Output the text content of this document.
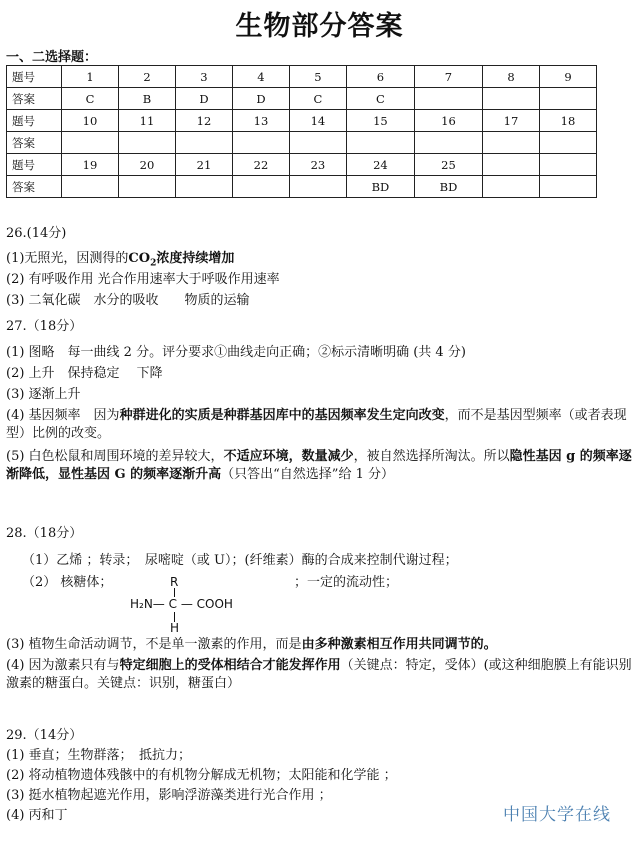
生物部分答案
一、二选择题：
题号	1	2	3	4	5	6	7	8	9
答案	C	B	D	D	C	C			
题号	10	11	12	13	14	15	16	17	18
答案									
题号	19	20	21	22	23	24	25		
答案						BD	BD		
26.(14分)
(1)无照光，因测得的$CO_2$浓度持续增加
(2) 有呼吸作用 光合作用速率大于呼吸作用速率
(3) 二氧化碳　水分的吸收　　物质的运输
27.（18分）
(1) 图略　每一曲线 2 分。评分要求①曲线走向正确；②标示清晰明确 (共 4 分)
(2) 上升　保持稳定　 下降
(3) 逐渐上升
(4) 基因频率　因为种群进化的实质是种群基因库中的基因频率发生定向改变，而不是基因型频率（或者表现型）比例的改变。
(5) 白色松鼠和周围环境的差异较大，不适应环境，数量减少，被自然选择所淘汰。所以隐性基因 g 的频率逐渐降低，显性基因 G 的频率逐渐升高（只答出“自然选择”给 1 分）
28.（18分）
（1）乙烯 ；转录；　尿嘧啶（或 U）；(纤维素）酶的合成来控制代谢过程；
（2） 核糖体；	；一定的流动性；
R
H₂N— C — COOH
H
(3) 植物生命活动调节，不是单一激素的作用，而是由多种激素相互作用共同调节的。
(4) 因为激素只有与特定细胞上的受体相结合才能发挥作用（关键点：特定，受体）(或这种细胞膜上有能识别激素的糖蛋白。关键点：识别，糖蛋白）
29.（14分）
(1) 垂直；生物群落；　抵抗力；
(2) 将动植物遗体残骸中的有机物分解成无机物；太阳能和化学能 ；
(3) 挺水植物起遮光作用，影响浮游藻类进行光合作用 ；
(4) 丙和丁	中国大学在线
